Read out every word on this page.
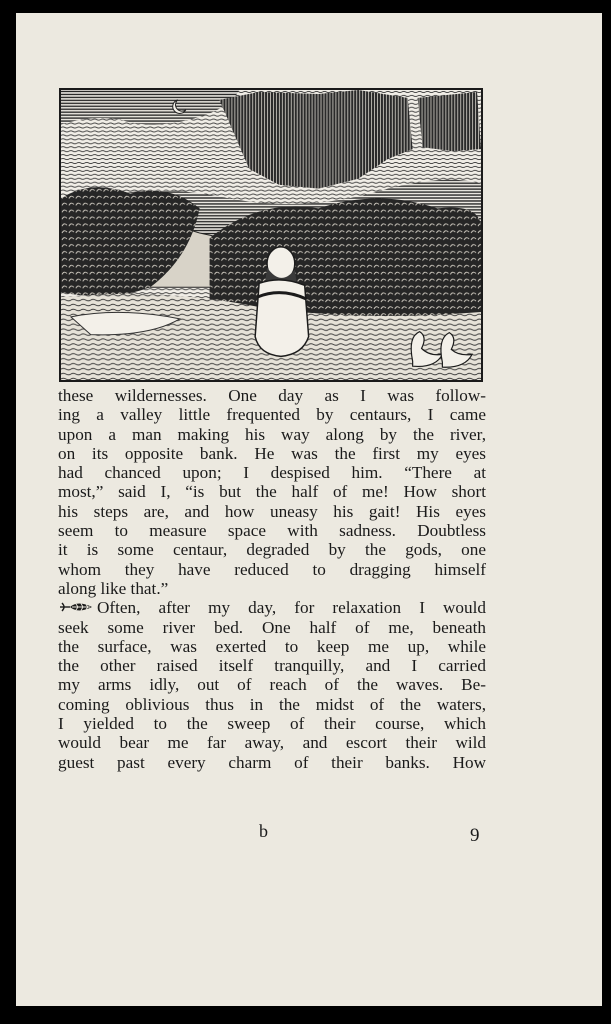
these wildernesses. One day as I was follow-
ing a valley little frequented by centaurs, I came
upon a man making his way along by the river,
on its opposite bank. He was the first my eyes
had chanced upon; I despised him. “There at
most,” said I, “is but the half of me! How short
his steps are, and how uneasy his gait! His eyes
seem to measure space with sadness. Doubtless
it is some centaur, degraded by the gods, one
whom they have reduced to dragging himself
along like that.”
Often, after my day, for relaxation I would
seek some river bed. One half of me, beneath
the surface, was exerted to keep me up, while
the other raised itself tranquilly, and I carried
my arms idly, out of reach of the waves. Be-
coming oblivious thus in the midst of the waters,
I yielded to the sweep of their course, which
would bear me far away, and escort their wild
guest past every charm of their banks. How
b	9
